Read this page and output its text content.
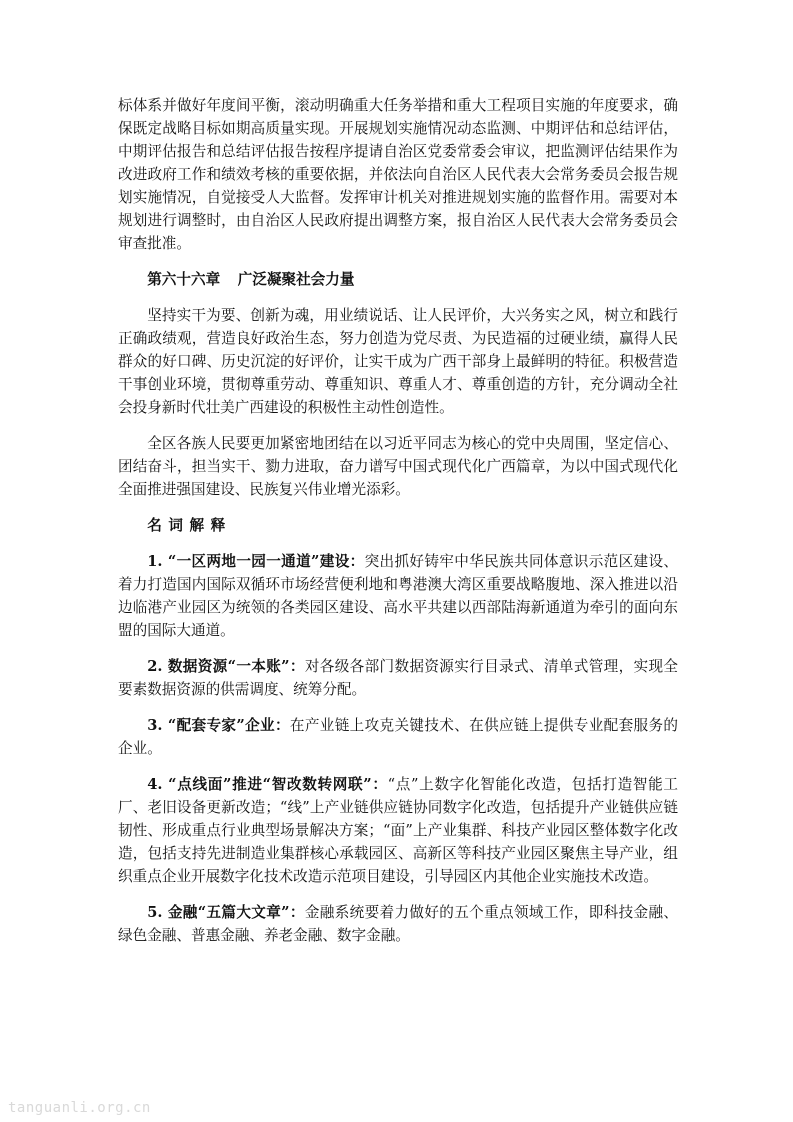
标体系并做好年度间平衡，滚动明确重大任务举措和重大工程项目实施的年度要求，确保既定战略目标如期高质量实现。开展规划实施情况动态监测、中期评估和总结评估，中期评估报告和总结评估报告按程序提请自治区党委常委会审议，把监测评估结果作为改进政府工作和绩效考核的重要依据，并依法向自治区人民代表大会常务委员会报告规划实施情况，自觉接受人大监督。发挥审计机关对推进规划实施的监督作用。需要对本规划进行调整时，由自治区人民政府提出调整方案，报自治区人民代表大会常务委员会审查批准。

第六十六章 广泛凝聚社会力量

坚持实干为要、创新为魂，用业绩说话、让人民评价，大兴务实之风，树立和践行正确政绩观，营造良好政治生态，努力创造为党尽责、为民造福的过硬业绩，赢得人民群众的好口碑、历史沉淀的好评价，让实干成为广西干部身上最鲜明的特征。积极营造干事创业环境，贯彻尊重劳动、尊重知识、尊重人才、尊重创造的方针，充分调动全社会投身新时代壮美广西建设的积极性主动性创造性。

全区各族人民要更加紧密地团结在以习近平同志为核心的党中央周围，坚定信心、团结奋斗，担当实干、勠力进取，奋力谱写中国式现代化广西篇章，为以中国式现代化全面推进强国建设、民族复兴伟业增光添彩。

名词解释

1. “一区两地一园一通道”建设：突出抓好铸牢中华民族共同体意识示范区建设、着力打造国内国际双循环市场经营便利地和粤港澳大湾区重要战略腹地、深入推进以沿边临港产业园区为统领的各类园区建设、高水平共建以西部陆海新通道为牵引的面向东盟的国际大通道。

2. 数据资源“一本账”：对各级各部门数据资源实行目录式、清单式管理，实现全要素数据资源的供需调度、统筹分配。

3. “配套专家”企业：在产业链上攻克关键技术、在供应链上提供专业配套服务的企业。

4. “点线面”推进“智改数转网联”：“点”上数字化智能化改造，包括打造智能工厂、老旧设备更新改造；“线”上产业链供应链协同数字化改造，包括提升产业链供应链韧性、形成重点行业典型场景解决方案；“面”上产业集群、科技产业园区整体数字化改造，包括支持先进制造业集群核心承载园区、高新区等科技产业园区聚焦主导产业，组织重点企业开展数字化技术改造示范项目建设，引导园区内其他企业实施技术改造。

5. 金融“五篇大文章”：金融系统要着力做好的五个重点领域工作，即科技金融、绿色金融、普惠金融、养老金融、数字金融。

tanguanli.org.cn
